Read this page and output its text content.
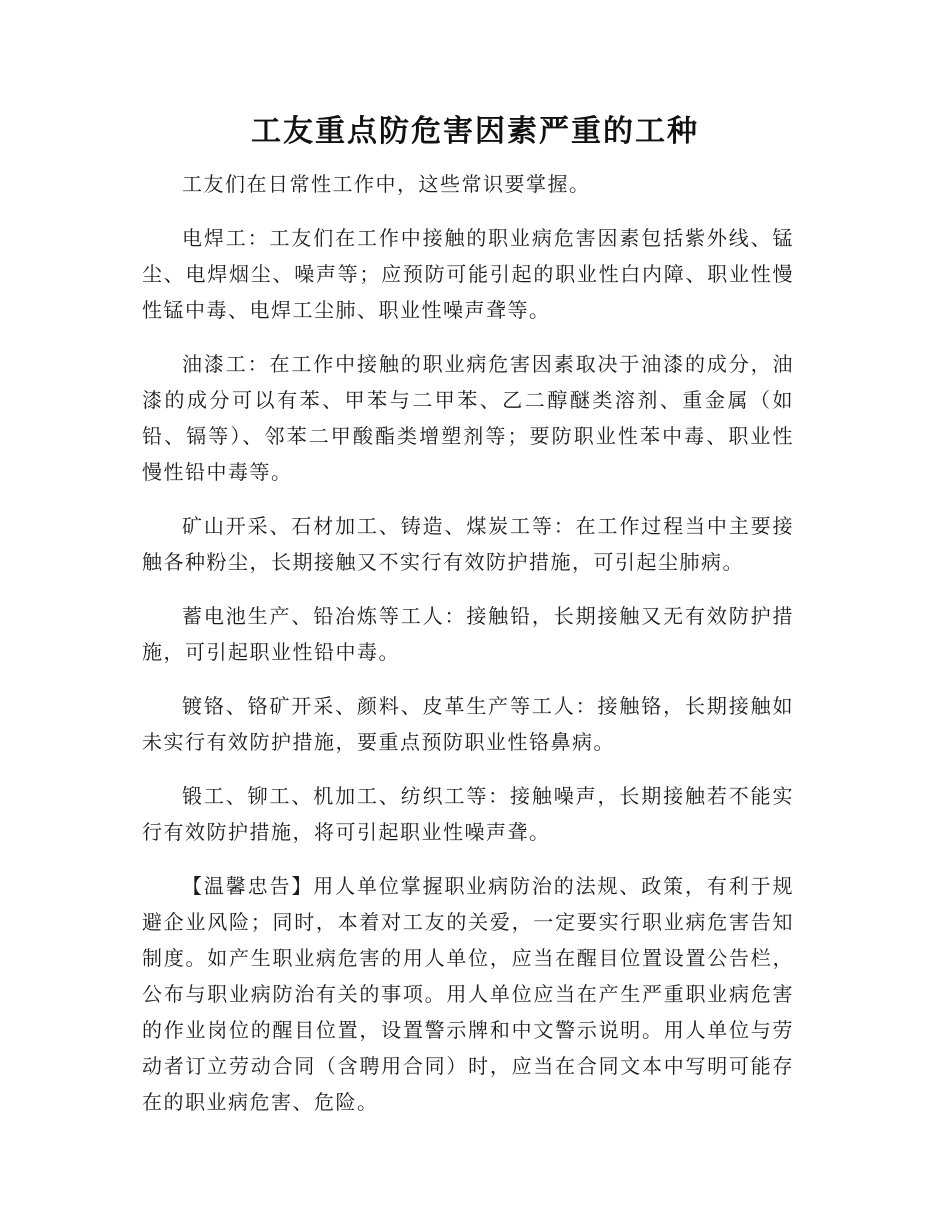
工友重点防危害因素严重的工种

工友们在日常性工作中，这些常识要掌握。

电焊工：工友们在工作中接触的职业病危害因素包括紫外线、锰尘、电焊烟尘、噪声等；应预防可能引起的职业性白内障、职业性慢性锰中毒、电焊工尘肺、职业性噪声聋等。

油漆工：在工作中接触的职业病危害因素取决于油漆的成分，油漆的成分可以有苯、甲苯与二甲苯、乙二醇醚类溶剂、重金属（如铅、镉等）、邻苯二甲酸酯类增塑剂等；要防职业性苯中毒、职业性慢性铅中毒等。

矿山开采、石材加工、铸造、煤炭工等：在工作过程当中主要接触各种粉尘，长期接触又不实行有效防护措施，可引起尘肺病。

蓄电池生产、铅冶炼等工人：接触铅，长期接触又无有效防护措施，可引起职业性铅中毒。

镀铬、铬矿开采、颜料、皮革生产等工人：接触铬，长期接触如未实行有效防护措施，要重点预防职业性铬鼻病。

锻工、铆工、机加工、纺织工等：接触噪声，长期接触若不能实行有效防护措施，将可引起职业性噪声聋。

【温馨忠告】用人单位掌握职业病防治的法规、政策，有利于规避企业风险；同时，本着对工友的关爱，一定要实行职业病危害告知制度。如产生职业病危害的用人单位，应当在醒目位置设置公告栏，公布与职业病防治有关的事项。用人单位应当在产生严重职业病危害的作业岗位的醒目位置，设置警示牌和中文警示说明。用人单位与劳动者订立劳动合同（含聘用合同）时，应当在合同文本中写明可能存在的职业病危害、危险。
